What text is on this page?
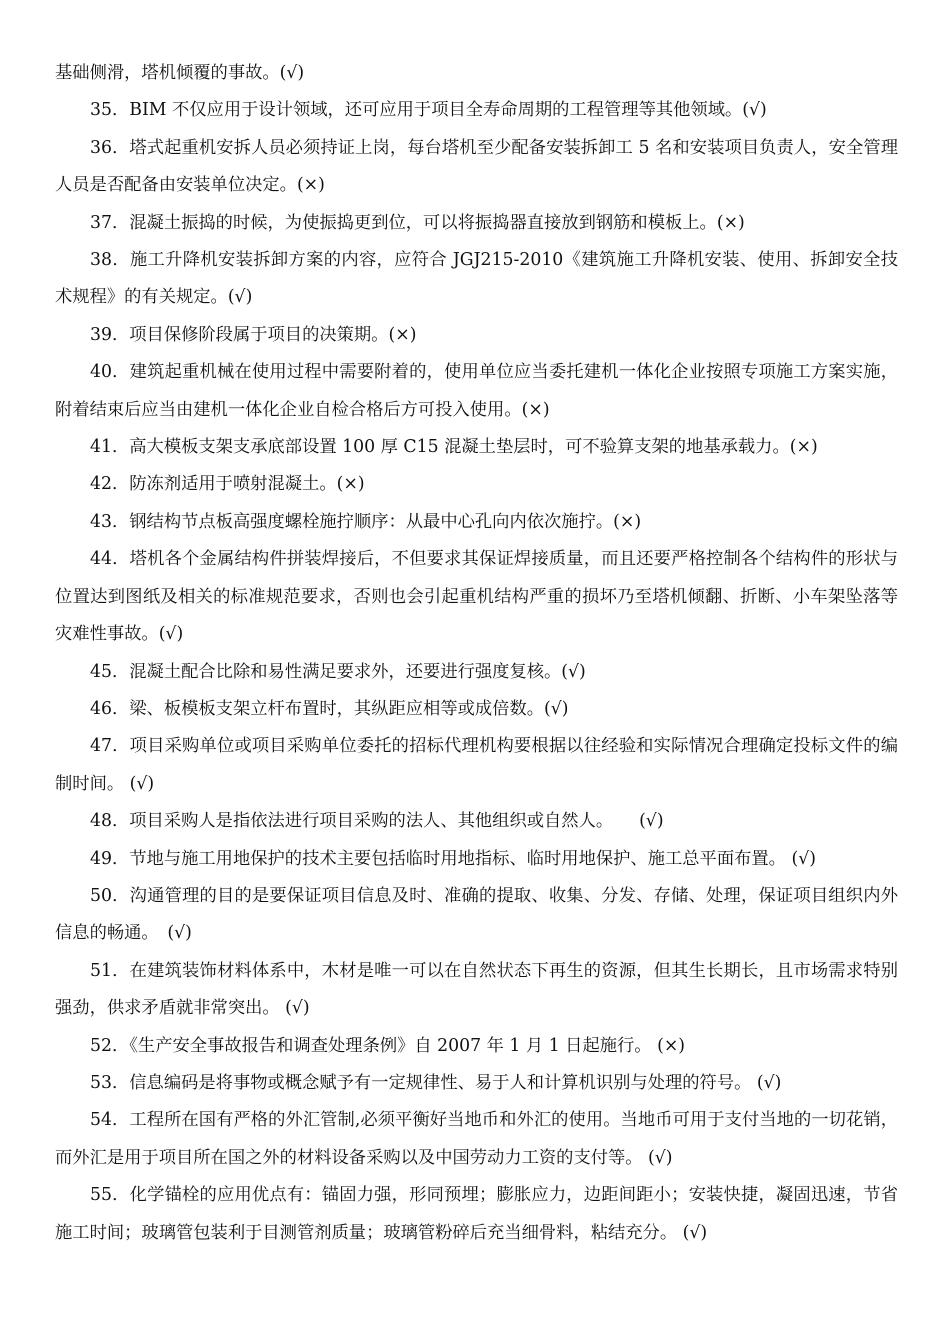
基础侧滑，塔机倾覆的事故。(√)

35．BIM 不仅应用于设计领域，还可应用于项目全寿命周期的工程管理等其他领域。(√)

36．塔式起重机安拆人员必须持证上岗，每台塔机至少配备安装拆卸工 5 名和安装项目负责人，安全管理人员是否配备由安装单位决定。(×)

37．混凝土振捣的时候，为使振捣更到位，可以将振捣器直接放到钢筋和模板上。(×)

38．施工升降机安装拆卸方案的内容，应符合 JGJ215-2010《建筑施工升降机安装、使用、拆卸安全技术规程》的有关规定。(√)

39．项目保修阶段属于项目的决策期。(×)

40．建筑起重机械在使用过程中需要附着的，使用单位应当委托建机一体化企业按照专项施工方案实施，附着结束后应当由建机一体化企业自检合格后方可投入使用。(×)

41．高大模板支架支承底部设置 100 厚 C15 混凝土垫层时，可不验算支架的地基承载力。(×)

42．防冻剂适用于喷射混凝土。(×)

43．钢结构节点板高强度螺栓施拧顺序：从最中心孔向内依次施拧。(×)

44．塔机各个金属结构件拼装焊接后，不但要求其保证焊接质量，而且还要严格控制各个结构件的形状与位置达到图纸及相关的标准规范要求，否则也会引起重机结构严重的损坏乃至塔机倾翻、折断、小车架坠落等灾难性事故。(√)

45．混凝土配合比除和易性满足要求外，还要进行强度复核。(√)

46．梁、板模板支架立杆布置时，其纵距应相等或成倍数。(√)

47．项目采购单位或项目采购单位委托的招标代理机构要根据以往经验和实际情况合理确定投标文件的编制时间。 (√)

48．项目采购人是指依法进行项目采购的法人、其他组织或自然人。　　(√)

49．节地与施工用地保护的技术主要包括临时用地指标、临时用地保护、施工总平面布置。 (√)

50．沟通管理的目的是要保证项目信息及时、准确的提取、收集、分发、存储、处理，保证项目组织内外信息的畅通。　(√)

51．在建筑装饰材料体系中，木材是唯一可以在自然状态下再生的资源，但其生长期长，且市场需求特别强劲，供求矛盾就非常突出。 (√)

52．《生产安全事故报告和调查处理条例》自 2007 年 1 月 1 日起施行。 (×)

53．信息编码是将事物或概念赋予有一定规律性、易于人和计算机识别与处理的符号。 (√)

54．工程所在国有严格的外汇管制,必须平衡好当地币和外汇的使用。当地币可用于支付当地的一切花销，而外汇是用于项目所在国之外的材料设备采购以及中国劳动力工资的支付等。 (√)

55．化学锚栓的应用优点有：锚固力强，形同预埋；膨胀应力，边距间距小；安装快捷，凝固迅速，节省施工时间；玻璃管包装利于目测管剂质量；玻璃管粉碎后充当细骨料，粘结充分。 (√)
